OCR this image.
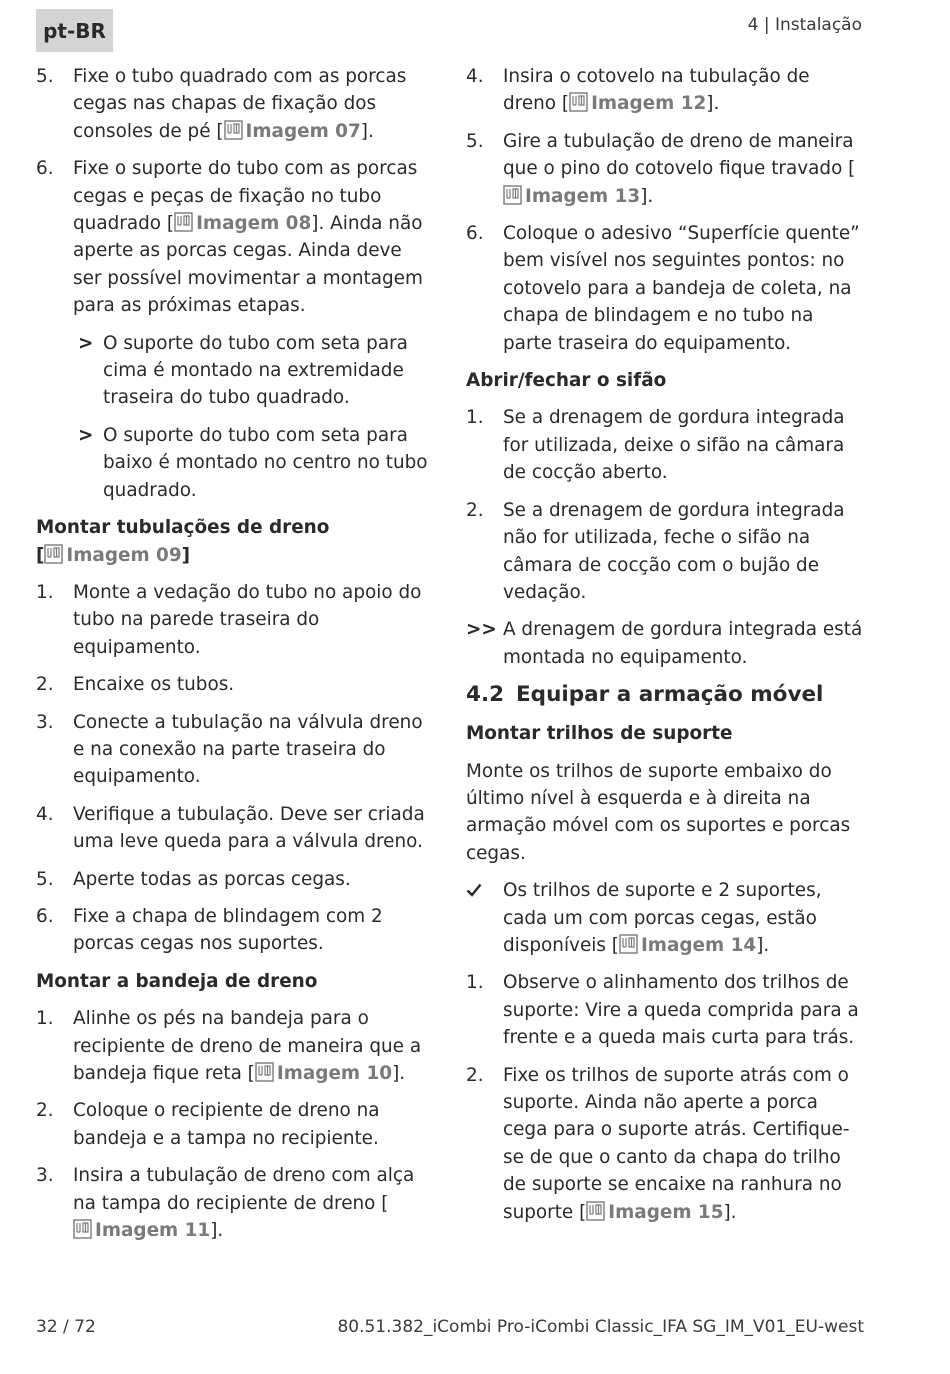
pt-BR	4 | Instalação
5. Fixe o tubo quadrado com as porcas cegas nas chapas de fixação dos consoles de pé [ Imagem 07].
6. Fixe o suporte do tubo com as porcas cegas e peças de fixação no tubo quadrado [ Imagem 08]. Ainda não aperte as porcas cegas. Ainda deve ser possível movimentar a montagem para as próximas etapas.
> O suporte do tubo com seta para cima é montado na extremidade traseira do tubo quadrado.
> O suporte do tubo com seta para baixo é montado no centro no tubo quadrado.
Montar tubulações de dreno
[ Imagem 09]
1. Monte a vedação do tubo no apoio do tubo na parede traseira do equipamento.
2. Encaixe os tubos.
3. Conecte a tubulação na válvula dreno e na conexão na parte traseira do equipamento.
4. Verifique a tubulação. Deve ser criada uma leve queda para a válvula dreno.
5. Aperte todas as porcas cegas.
6. Fixe a chapa de blindagem com 2 porcas cegas nos suportes.
Montar a bandeja de dreno
1. Alinhe os pés na bandeja para o recipiente de dreno de maneira que a bandeja fique reta [ Imagem 10].
2. Coloque o recipiente de dreno na bandeja e a tampa no recipiente.
3. Insira a tubulação de dreno com alça na tampa do recipiente de dreno [Imagem 11].
4. Insira o cotovelo na tubulação de dreno [ Imagem 12].
5. Gire a tubulação de dreno de maneira que o pino do cotovelo fique travado [Imagem 13].
6. Coloque o adesivo “Superfície quente” bem visível nos seguintes pontos: no cotovelo para a bandeja de coleta, na chapa de blindagem e no tubo na parte traseira do equipamento.
Abrir/fechar o sifão
1. Se a drenagem de gordura integrada for utilizada, deixe o sifão na câmara de cocção aberto.
2. Se a drenagem de gordura integrada não for utilizada, feche o sifão na câmara de cocção com o bujão de vedação.
>> A drenagem de gordura integrada está montada no equipamento.
4.2 Equipar a armação móvel
Montar trilhos de suporte
Monte os trilhos de suporte embaixo do último nível à esquerda e à direita na armação móvel com os suportes e porcas cegas.
Os trilhos de suporte e 2 suportes, cada um com porcas cegas, estão disponíveis [ Imagem 14].
1. Observe o alinhamento dos trilhos de suporte: Vire a queda comprida para a frente e a queda mais curta para trás.
2. Fixe os trilhos de suporte atrás com o suporte. Ainda não aperte a porca cega para o suporte atrás. Certifique-se de que o canto da chapa do trilho de suporte se encaixe na ranhura no suporte [ Imagem 15].
32 / 72	80.51.382_iCombi Pro-iCombi Classic_IFA SG_IM_V01_EU-west
